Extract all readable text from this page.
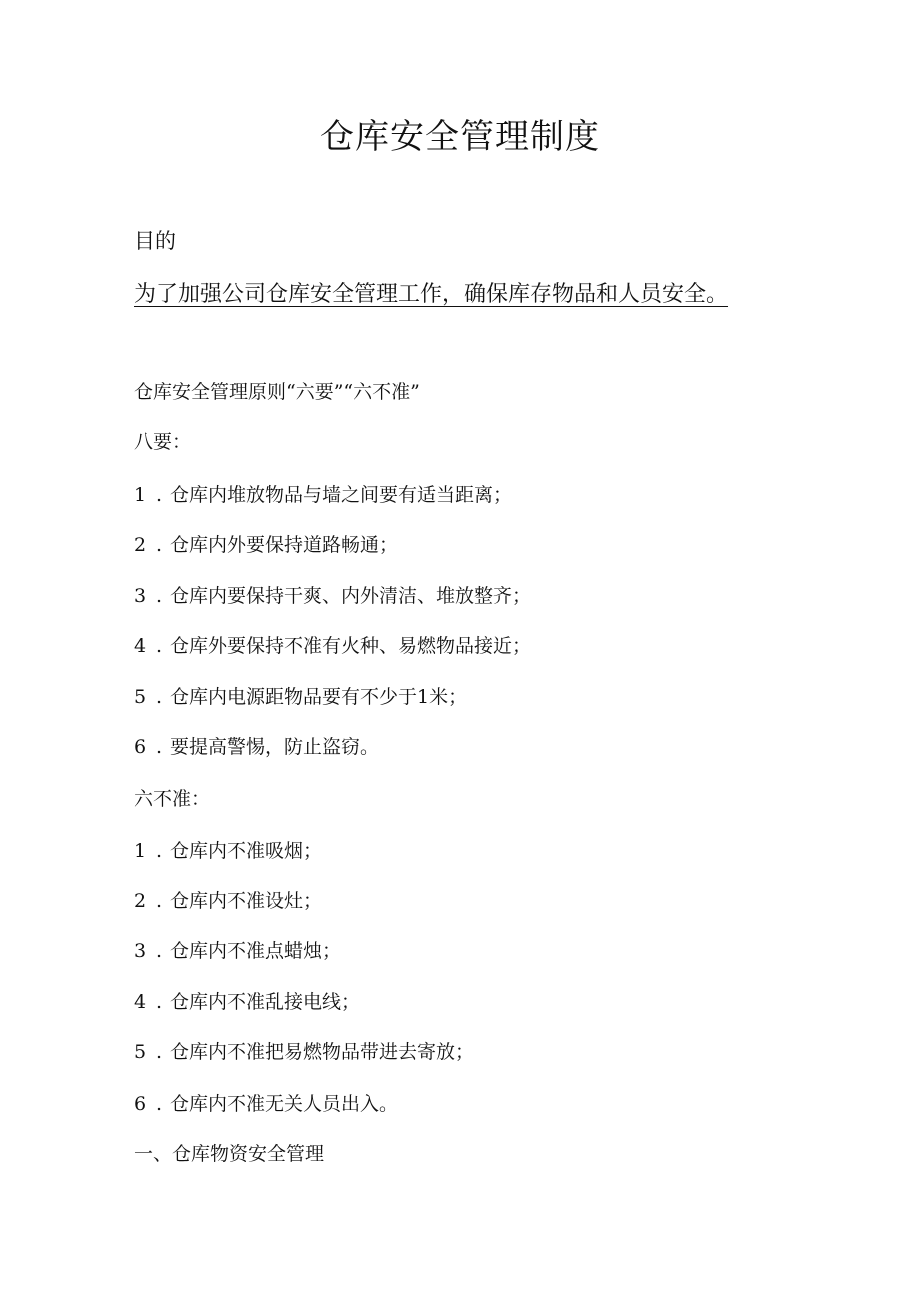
仓库安全管理制度
目的
为了加强公司仓库安全管理工作，确保库存物品和人员安全。
仓库安全管理原则“六要”“六不准”
八要：
1 . 仓库内堆放物品与墙之间要有适当距离；
2 . 仓库内外要保持道路畅通；
3 . 仓库内要保持干爽、内外清洁、堆放整齐；
4 . 仓库外要保持不准有火种、易燃物品接近；
5 . 仓库内电源距物品要有不少于1米；
6 . 要提高警惕，防止盗窃。
六不准：
1 . 仓库内不准吸烟；
2 . 仓库内不准设灶；
3 . 仓库内不准点蜡烛；
4 . 仓库内不准乱接电线；
5 . 仓库内不准把易燃物品带进去寄放；
6 . 仓库内不准无关人员出入。
一、仓库物资安全管理
